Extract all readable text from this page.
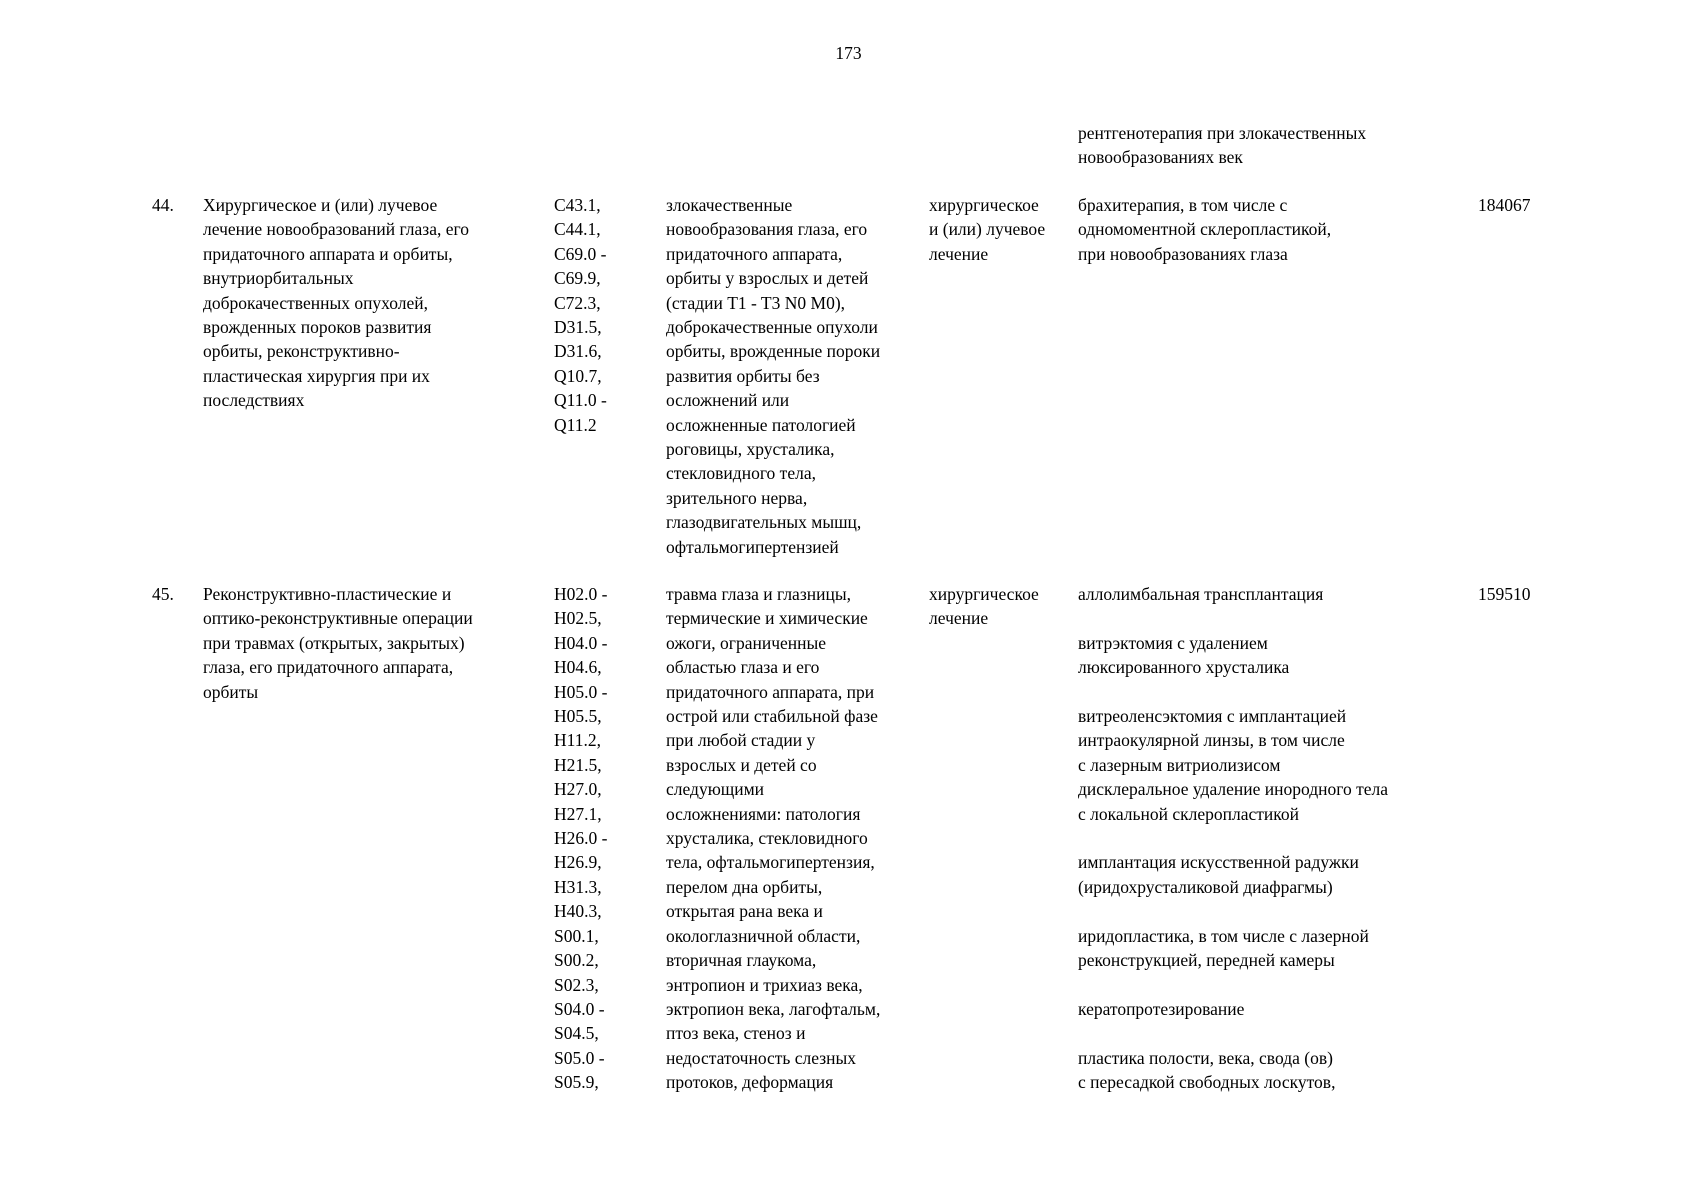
173
рентгенотерапия при злокачественных
новообразованиях век
44. Хирургическое и (или) лучевое
лечение новообразований глаза, его
придаточного аппарата и орбиты,
внутриорбитальных
доброкачественных опухолей,
врожденных пороков развития
орбиты, реконструктивно-
пластическая хирургия при их
последствиях
C43.1,
C44.1,
C69.0 -
C69.9,
C72.3,
D31.5,
D31.6,
Q10.7,
Q11.0 -
Q11.2
злокачественные
новообразования глаза, его
придаточного аппарата,
орбиты у взрослых и детей
(стадии T1 - T3 N0 M0),
доброкачественные опухоли
орбиты, врожденные пороки
развития орбиты без
осложнений или
осложненные патологией
роговицы, хрусталика,
стекловидного тела,
зрительного нерва,
глазодвигательных мышц,
офтальмогипертензией
хирургическое
и (или) лучевое
лечение
брахитерапия, в том числе с
одномоментной склеропластикой,
при новообразованиях глаза
184067
45. Реконструктивно-пластические и
оптико-реконструктивные операции
при травмах (открытых, закрытых)
глаза, его придаточного аппарата,
орбиты
H02.0 -
H02.5,
H04.0 -
H04.6,
H05.0 -
H05.5,
H11.2,
H21.5,
H27.0,
H27.1,
H26.0 -
H26.9,
H31.3,
H40.3,
S00.1,
S00.2,
S02.3,
S04.0 -
S04.5,
S05.0 -
S05.9,
травма глаза и глазницы,
термические и химические
ожоги, ограниченные
областью глаза и его
придаточного аппарата, при
острой или стабильной фазе
при любой стадии у
взрослых и детей со
следующими
осложнениями: патология
хрусталика, стекловидного
тела, офтальмогипертензия,
перелом дна орбиты,
открытая рана века и
окологлазничной области,
вторичная глаукома,
энтропион и трихиаз века,
эктропион века, лагофтальм,
птоз века, стеноз и
недостаточность слезных
протоков, деформация
хирургическое
лечение
аллолимбальная трансплантация

витрэктомия с удалением
люксированного хрусталика

витреоленсэктомия с имплантацией
интраокулярной линзы, в том числе
с лазерным витриолизисом
дисклеральное удаление инородного тела
с локальной склеропластикой

имплантация искусственной радужки
(иридохрусталиковой диафрагмы)

иридопластика, в том числе с лазерной
реконструкцией, передней камеры

кератопротезирование

пластика полости, века, свода (ов)
с пересадкой свободных лоскутов,
159510
